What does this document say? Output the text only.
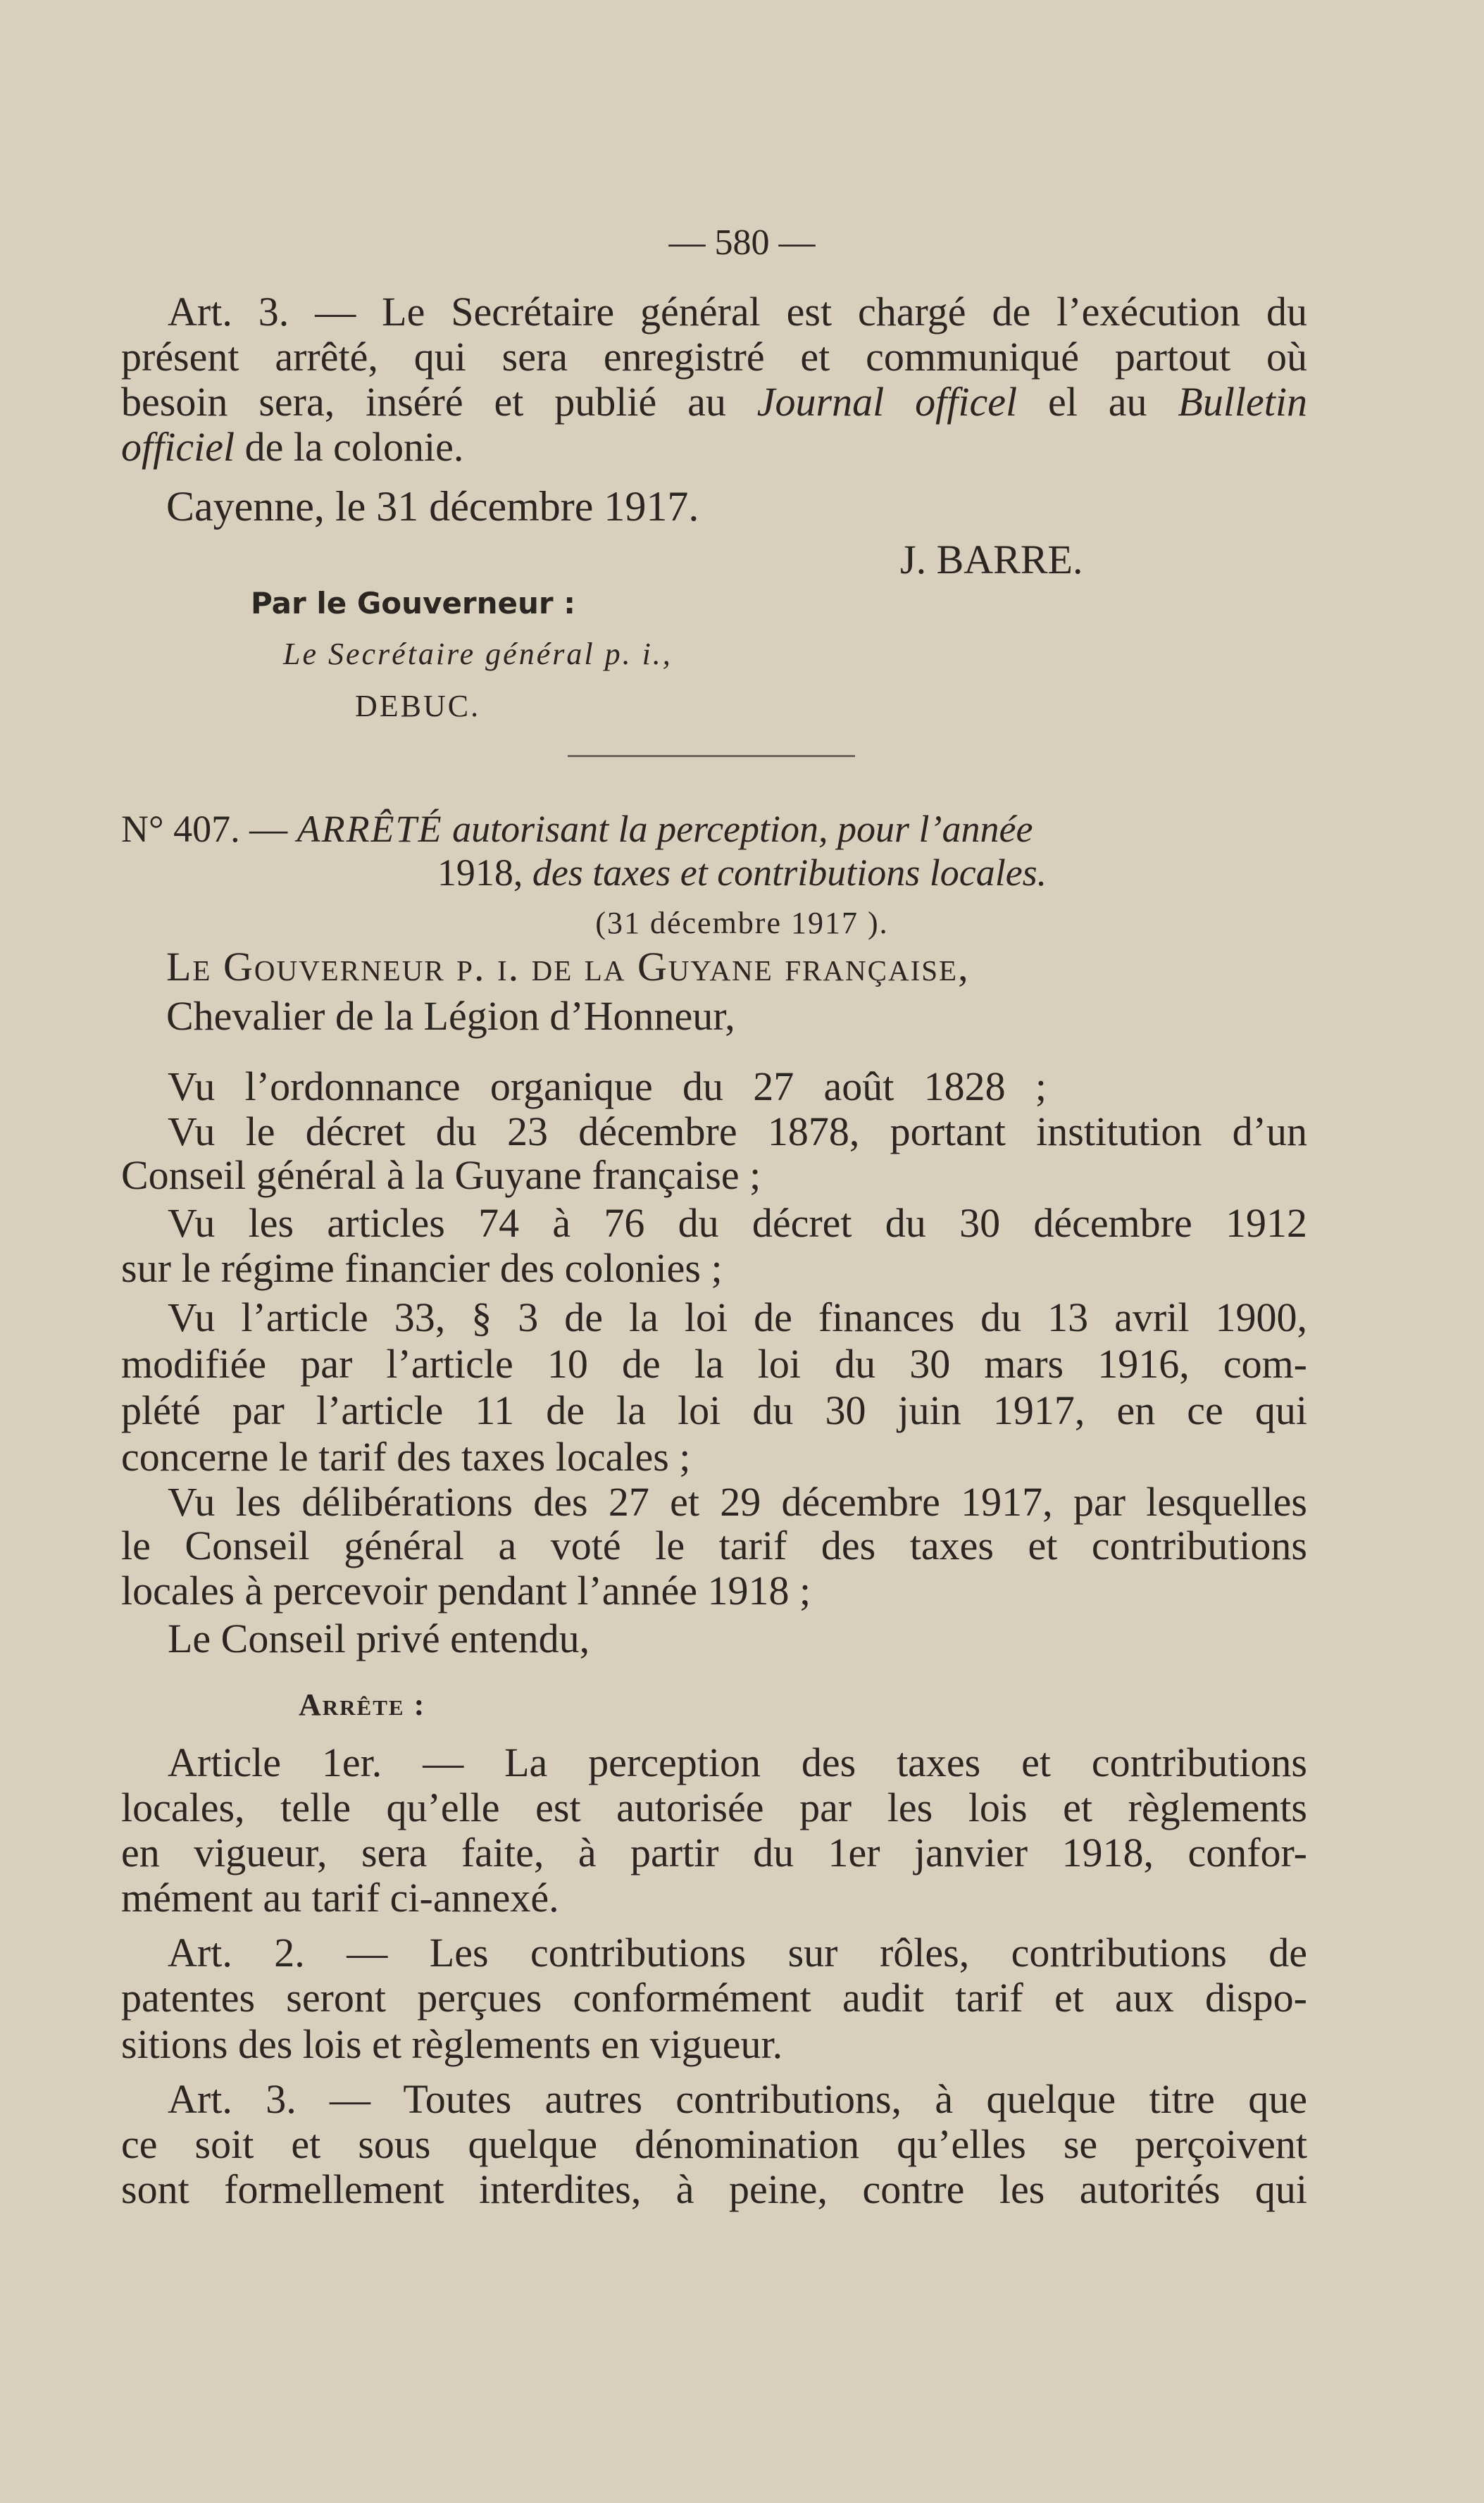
— 580 —
Art. 3. — Le Secrétaire général est chargé de l’exécution du
présent arrêté, qui sera enregistré et communiqué partout où
besoin sera, inséré et publié au Journal officel el au Bulletin
officiel de la colonie.
Cayenne, le 31 décembre 1917.
J. BARRE.
Par le Gouverneur :
Le Secrétaire général p. i.,
DEBUC.
N° 407. — ARRÊTÉ autorisant la perception, pour l’année
1918, des taxes et contributions locales.
(31 décembre 1917 ).
Le Gouverneur p. i. de la Guyane française,
Chevalier de la Légion d’Honneur,
Vu l’ordonnance organique du 27 août 1828 ;
Vu le décret du 23 décembre 1878, portant institution d’un
Conseil général à la Guyane française ;
Vu les articles 74 à 76 du décret du 30 décembre 1912
sur le régime financier des colonies ;
Vu l’article 33, § 3 de la loi de finances du 13 avril 1900,
modifiée par l’article 10 de la loi du 30 mars 1916, com-
plété par l’article 11 de la loi du 30 juin 1917, en ce qui
concerne le tarif des taxes locales ;
Vu les délibérations des 27 et 29 décembre 1917, par lesquelles
le Conseil général a voté le tarif des taxes et contributions
locales à percevoir pendant l’année 1918 ;
Le Conseil privé entendu,
Arrête :
Article 1er. — La perception des taxes et contributions
locales, telle qu’elle est autorisée par les lois et règlements
en vigueur, sera faite, à partir du 1er janvier 1918, confor-
mément au tarif ci-annexé.
Art. 2. — Les contributions sur rôles, contributions de
patentes seront perçues conformément audit tarif et aux dispo-
sitions des lois et règlements en vigueur.
Art. 3. — Toutes autres contributions, à quelque titre que
ce soit et sous quelque dénomination qu’elles se perçoivent
sont formellement interdites, à peine, contre les autorités qui
